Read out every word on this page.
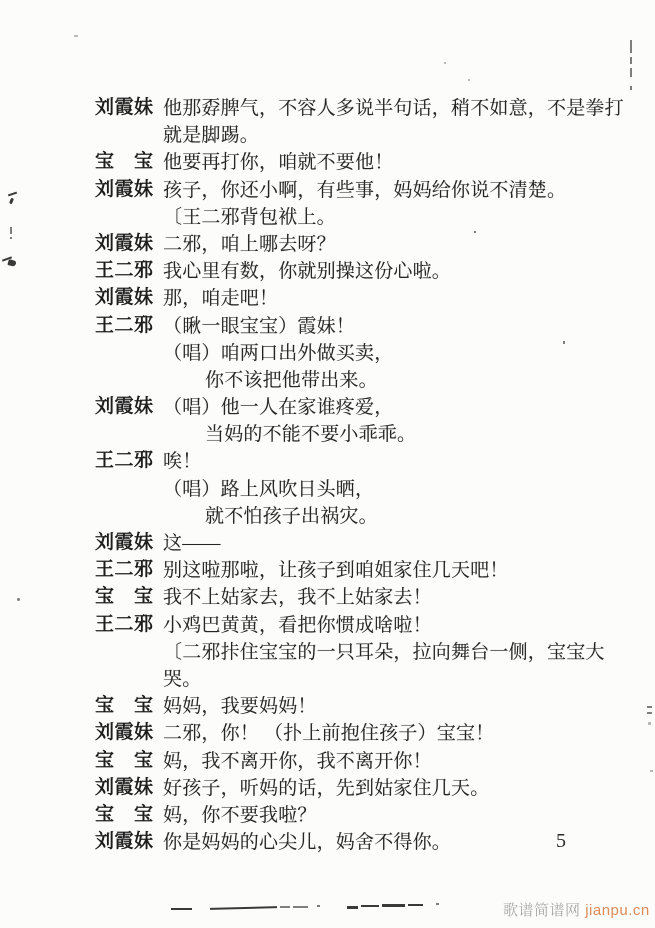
刘霞妹 他那孬脾气，不容人多说半句话，稍不如意，不是拳打
就是脚踢。
宝　宝 他要再打你，咱就不要他！
刘霞妹 孩子，你还小啊，有些事，妈妈给你说不清楚。
〔王二邪背包袱上。
刘霞妹 二邪，咱上哪去呀？
王二邪 我心里有数，你就别操这份心啦。
刘霞妹 那，咱走吧！
王二邪 （瞅一眼宝宝）霞妹！
（唱）咱两口出外做买卖，
你不该把他带出来。
刘霞妹 （唱）他一人在家谁疼爱，
当妈的不能不要小乖乖。
王二邪 唉！
（唱）路上风吹日头晒，
就不怕孩子出祸灾。
刘霞妹 这——
王二邪 别这啦那啦，让孩子到咱姐家住几天吧！
宝　宝 我不上姑家去，我不上姑家去！
王二邪 小鸡巴黄黄，看把你惯成啥啦！
〔二邪拤住宝宝的一只耳朵，拉向舞台一侧，宝宝大
哭。
宝　宝 妈妈，我要妈妈！
刘霞妹 二邪，你！ （扑上前抱住孩子）宝宝！
宝　宝 妈，我不离开你，我不离开你！
刘霞妹 好孩子，听妈的话，先到姑家住几天。
宝　宝 妈，你不要我啦？
刘霞妹 你是妈妈的心尖儿，妈舍不得你。	5
歌谱简谱网 jianpu.cn
